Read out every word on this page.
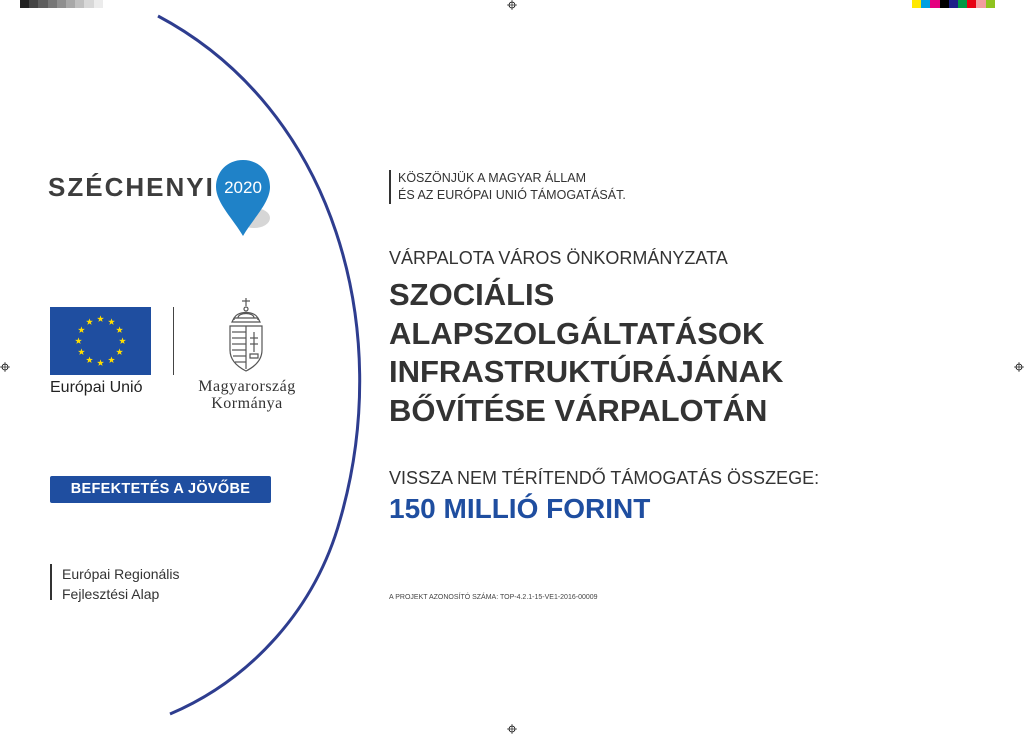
SZÉCHENYI 2020
Európai Unió	Magyarország
Kormánya
BEFEKTETÉS A JÖVŐBE
Európai Regionális
Fejlesztési Alap
KÖSZÖNJÜK A MAGYAR ÁLLAM
ÉS AZ EURÓPAI UNIÓ TÁMOGATÁSÁT.
VÁRPALOTA VÁROS ÖNKORMÁNYZATA
SZOCIÁLIS
ALAPSZOLGÁLTATÁSOK
INFRASTRUKTÚRÁJÁNAK
BŐVÍTÉSE VÁRPALOTÁN
VISSZA NEM TÉRÍTENDŐ TÁMOGATÁS ÖSSZEGE:
150 MILLIÓ FORINT
A PROJEKT AZONOSÍTÓ SZÁMA: TOP-4.2.1-15-VE1-2016-00009
